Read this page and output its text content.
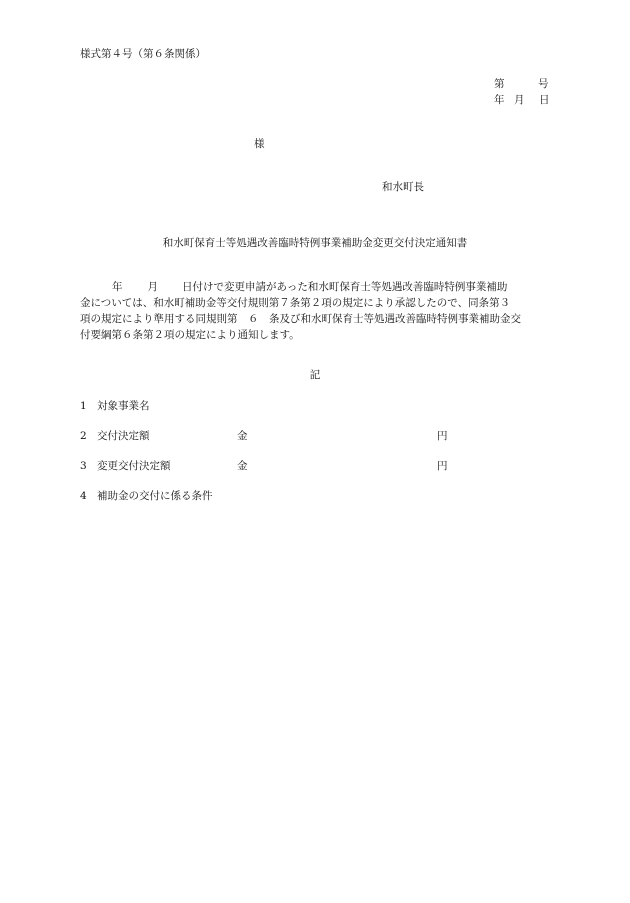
様式第４号（第６条関係）
第	号
年 月 日
様
和水町長
和水町保育士等処遇改善臨時特例事業補助金変更交付決定通知書
年 月 日付けで変更申請があった和水町保育士等処遇改善臨時特例事業補助
金については、和水町補助金等交付規則第７条第２項の規定により承認したので、同条第３
項の規定により準用する同規則第　６　条及び和水町保育士等処遇改善臨時特例事業補助金交
付要綱第６条第２項の規定により通知します。
記
1 対象事業名
2 交付決定額	金	円
3 変更交付決定額	金	円
4 補助金の交付に係る条件
